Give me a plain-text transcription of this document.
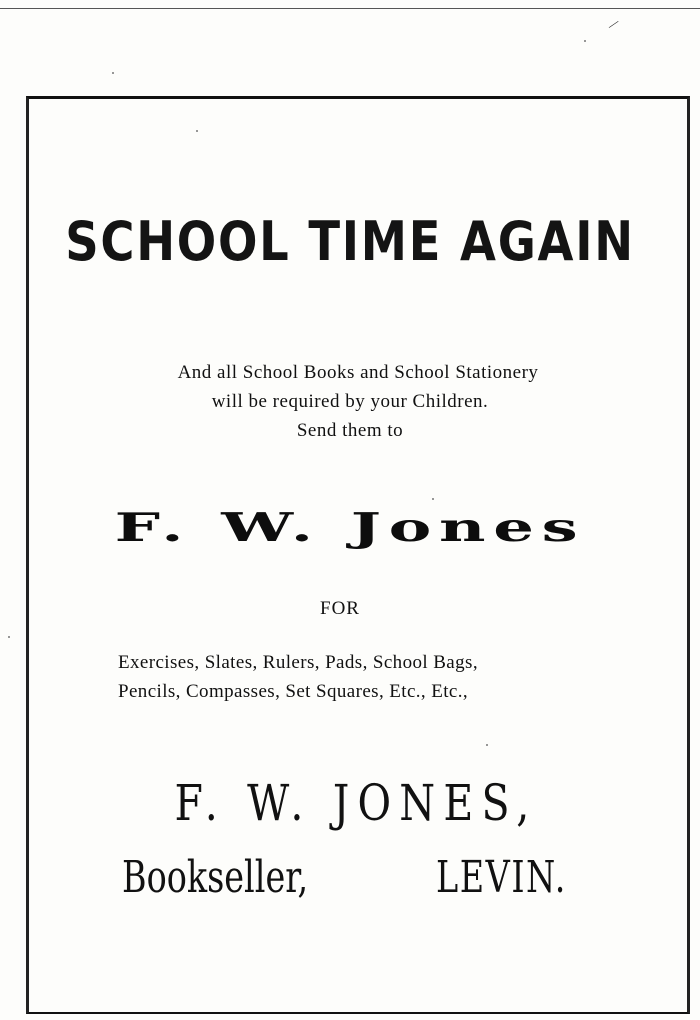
⁄
SCHOOL TIME AGAIN
And all School Books and School Stationery
will be required by your Children.
Send them to
F. W. Jones
FOR
Exercises, Slates, Rulers, Pads, School Bags,
Pencils, Compasses, Set Squares, Etc., Etc.,
F. W. JONES,
Bookseller,	LEVIN.
